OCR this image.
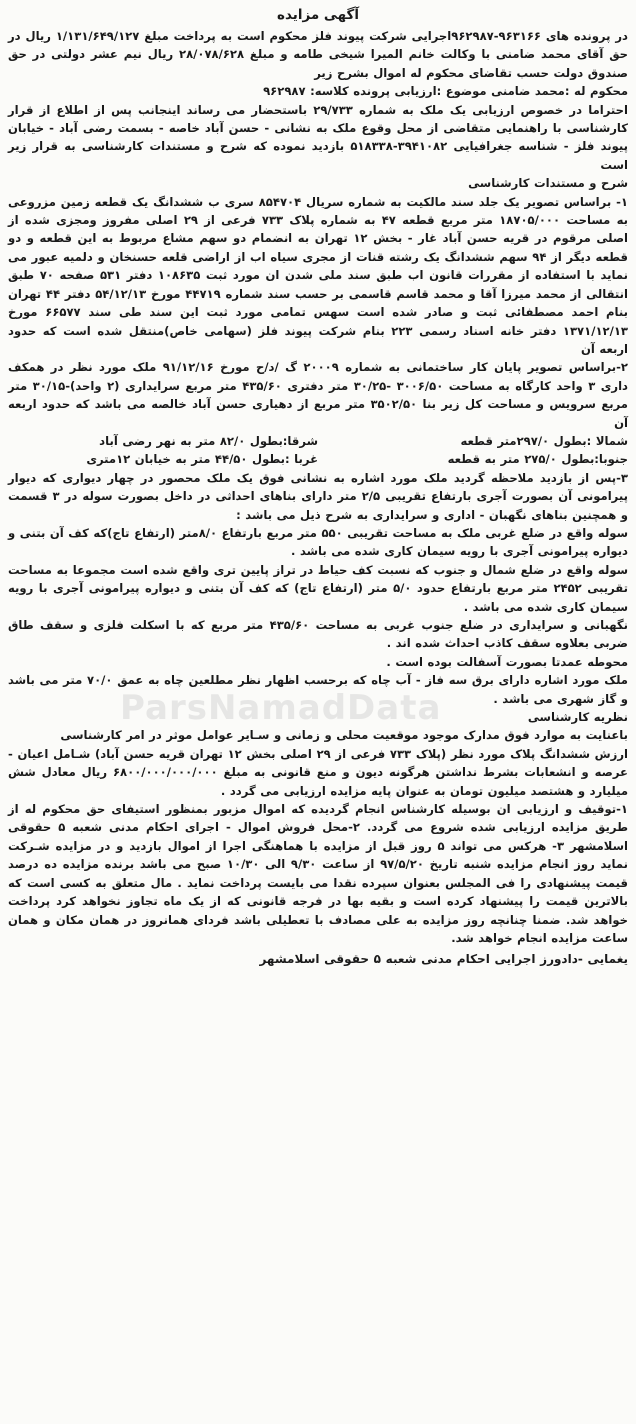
آگهی مزایده

در پرونده های ۹۶۳۱۶۶-۹۶۲۹۸۷اجرایی شرکت پیوند فلز محکوم است به پرداخت مبلغ ۱/۱۳۱/۶۴۹/۱۲۷ ریال در حق آقای محمد ضامنی با وکالت خانم المیرا شیخی طامه و مبلغ ۲۸/۰۷۸/۶۲۸ ریال نیم عشر دولتی در حق صندوق دولت حسب تقاضای محکوم له اموال بشرح زیر

محکوم له :محمد ضامنی موضوع :ارزیابی پرونده کلاسه: ۹۶۲۹۸۷

احتراما در خصوص ارزیابی یک ملک به شماره ۲۹/۷۳۳ باستحضار می رساند اینجانب پس از اطلاع از قرار کارشناسی با راهنمایی متقاضی از محل وقوع ملک به نشانی - حسن آباد خاصه - بسمت رضی آباد - خیابان پیوند فلز - شناسه جغرافیایی ۳۹۴۱۰۸۲-۵۱۸۳۳۸ بازدید نموده که شرح و مستندات کارشناسی به قرار زیر است

شرح و مستندات کارشناسی

۱- براساس تصویر یک جلد سند مالکیت به شماره سریال ۸۵۴۷۰۴ سری ب ششدانگ یک قطعه زمین مزروعی به مساحت ۱۸۷۰۵/۰۰۰ متر مربع قطعه ۴۷ به شماره پلاک ۷۳۳ فرعی از ۲۹ اصلی مفروز ومجزی شده از اصلی مرقوم در قریه حسن آباد غار - بخش ۱۲ تهران به انضمام دو سهم مشاع مربوط به این قطعه و دو قطعه دیگر از ۹۴ سهم ششدانگ یک رشته قنات از مجری سیاه اب از اراضی قلعه حسنخان و دلمیه عبور می نماید با استفاده از مقررات قانون اب طبق سند ملی شدن ان مورد ثبت ۱۰۸۶۳۵ دفتر ۵۳۱ صفحه ۷۰ طبق انتقالی از محمد میرزا آقا و محمد قاسم قاسمی بر حسب سند شماره ۴۴۷۱۹ مورخ ۵۴/۱۲/۱۳ دفتر ۴۴ تهران بنام احمد مصطفائی ثبت و صادر شده است سهس تمامی مورد ثبت این سند طی سند ۶۶۵۷۷ مورخ ۱۳۷۱/۱۲/۱۳ دفتر خانه اسناد رسمی ۲۲۳ بنام شرکت پیوند فلز (سهامی خاص)منتقل شده است که حدود اربعه آن

۲-براساس تصویر پایان کار ساختمانی به شماره ۲۰۰۰۹ گ /د/ح مورخ ۹۱/۱۲/۱۶ ملک مورد نظر در همکف داری ۳ واحد کارگاه به مساحت ۳۰۰۶/۵۰ -۳۰/۲۵ متر دفتری ۴۳۵/۶۰ متر مربع سرایداری (۲ واحد)-۳۰/۱۵ متر مربع سرویس و مساحت کل زیر بنا ۳۵۰۲/۵۰ متر مربع از دهیاری حسن آباد خالصه می باشد که حدود اربعه آن

شمالا :بطول ۲۹۷/۰متر قطعه
شرقا:بطول ۸۲/۰ متر به نهر رضی آباد
جنوبا:بطول ۲۷۵/۰ متر به قطعه
غربا :بطول ۴۴/۵۰ متر به خیابان ۱۲متری

۳-پس از بازدید ملاحظه گردید ملک مورد اشاره به نشانی فوق یک ملک محصور در چهار دیواری که دیوار پیرامونی آن بصورت آجری بارتفاع تقریبی ۲/۵ متر دارای بناهای احداثی در داخل بصورت سوله در ۳ قسمت و همچنین بناهای نگهبان - اداری و سرایداری به شرح ذیل می باشد :

سوله واقع در ضلع غربی ملک به مساحت تقریبی ۵۵۰ متر مربع بارتفاع ۸/۰متر (ارتفاع تاج)که کف آن بتنی و دیواره پیرامونی آجری با رویه سیمان کاری شده می باشد .

سوله واقع در ضلع شمال و جنوب که نسبت کف حیاط در تراز پایین تری واقع شده است مجموعا به مساحت تقریبی ۲۴۵۲ متر مربع بارتفاع حدود ۵/۰ متر (ارتفاع تاج) که کف آن بتنی و دیواره پیرامونی آجری با رویه سیمان کاری شده می باشد .

نگهبانی و سرایداری در ضلع جنوب غربی به مساحت ۴۳۵/۶۰ متر مربع که با اسکلت فلزی و سقف طاق ضربی بعلاوه سقف کاذب احداث شده اند .

محوطه عمدتا بصورت آسفالت بوده است .

ملک مورد اشاره دارای برق سه فاز - آب چاه که برحسب اظهار نظر مطلعین چاه به عمق ۷۰/۰ متر می باشد و گاز شهری می باشد .

نظریه کارشناسی

باعنایت به موارد فوق مدارک موجود موقعیت محلی و زمانی و سـایر عوامل موثر در امر کارشناسی

ارزش ششدانگ پلاک مورد نظر (پلاک ۷۳۳ فرعی از ۲۹ اصلی بخش ۱۲ تهران قریه حسن آباد) شـامل اعیان - عرصه و انشعابات بشرط نداشتن هرگونه دیون و منع قانونی به مبلغ ۶۸۰۰/۰۰۰/۰۰۰/۰۰۰ ریال معادل شش میلیارد و هشتصد میلیون تومان به عنوان پایه مزایده ارزیابی می گردد .

۱-توقیف و ارزیابی ان بوسیله کارشناس انجام گردیده که اموال مزبور بمنظور استیفای حق محکوم له از طریق مزایده ارزیابی شده شروع می گردد. ۲-محل فروش اموال - اجرای احکام مدنی شعبه ۵ حقوقی اسلامشهر ۳- هرکس می تواند ۵ روز قبل از مزایده با هماهنگی اجرا از اموال بازدید و در مزایده شـرکت نماید روز انجام مزایده شنبه تاریخ ۹۷/۵/۲۰ از ساعت ۹/۳۰ الی ۱۰/۳۰ صبح می باشد برنده مزایده ده درصد قیمت پیشنهادی را فی المجلس بعنوان سپرده نقدا می بایست پرداخت نماید . مال متعلق به کسی است که بالاترین قیمت را پیشنهاد کرده است و بقیه بها در فرجه قانونی که از یک ماه تجاوز نخواهد کرد پرداخت خواهد شد. ضمنا چنانچه روز مزایده به علی مصادف با تعطیلی باشد فردای همانروز در همان مکان و همان ساعت مزایده انجام خواهد شد.

یغمایی -دادورز اجرایی احکام مدنی شعبه ۵ حقوقی اسلامشهر
ParsNamadData
